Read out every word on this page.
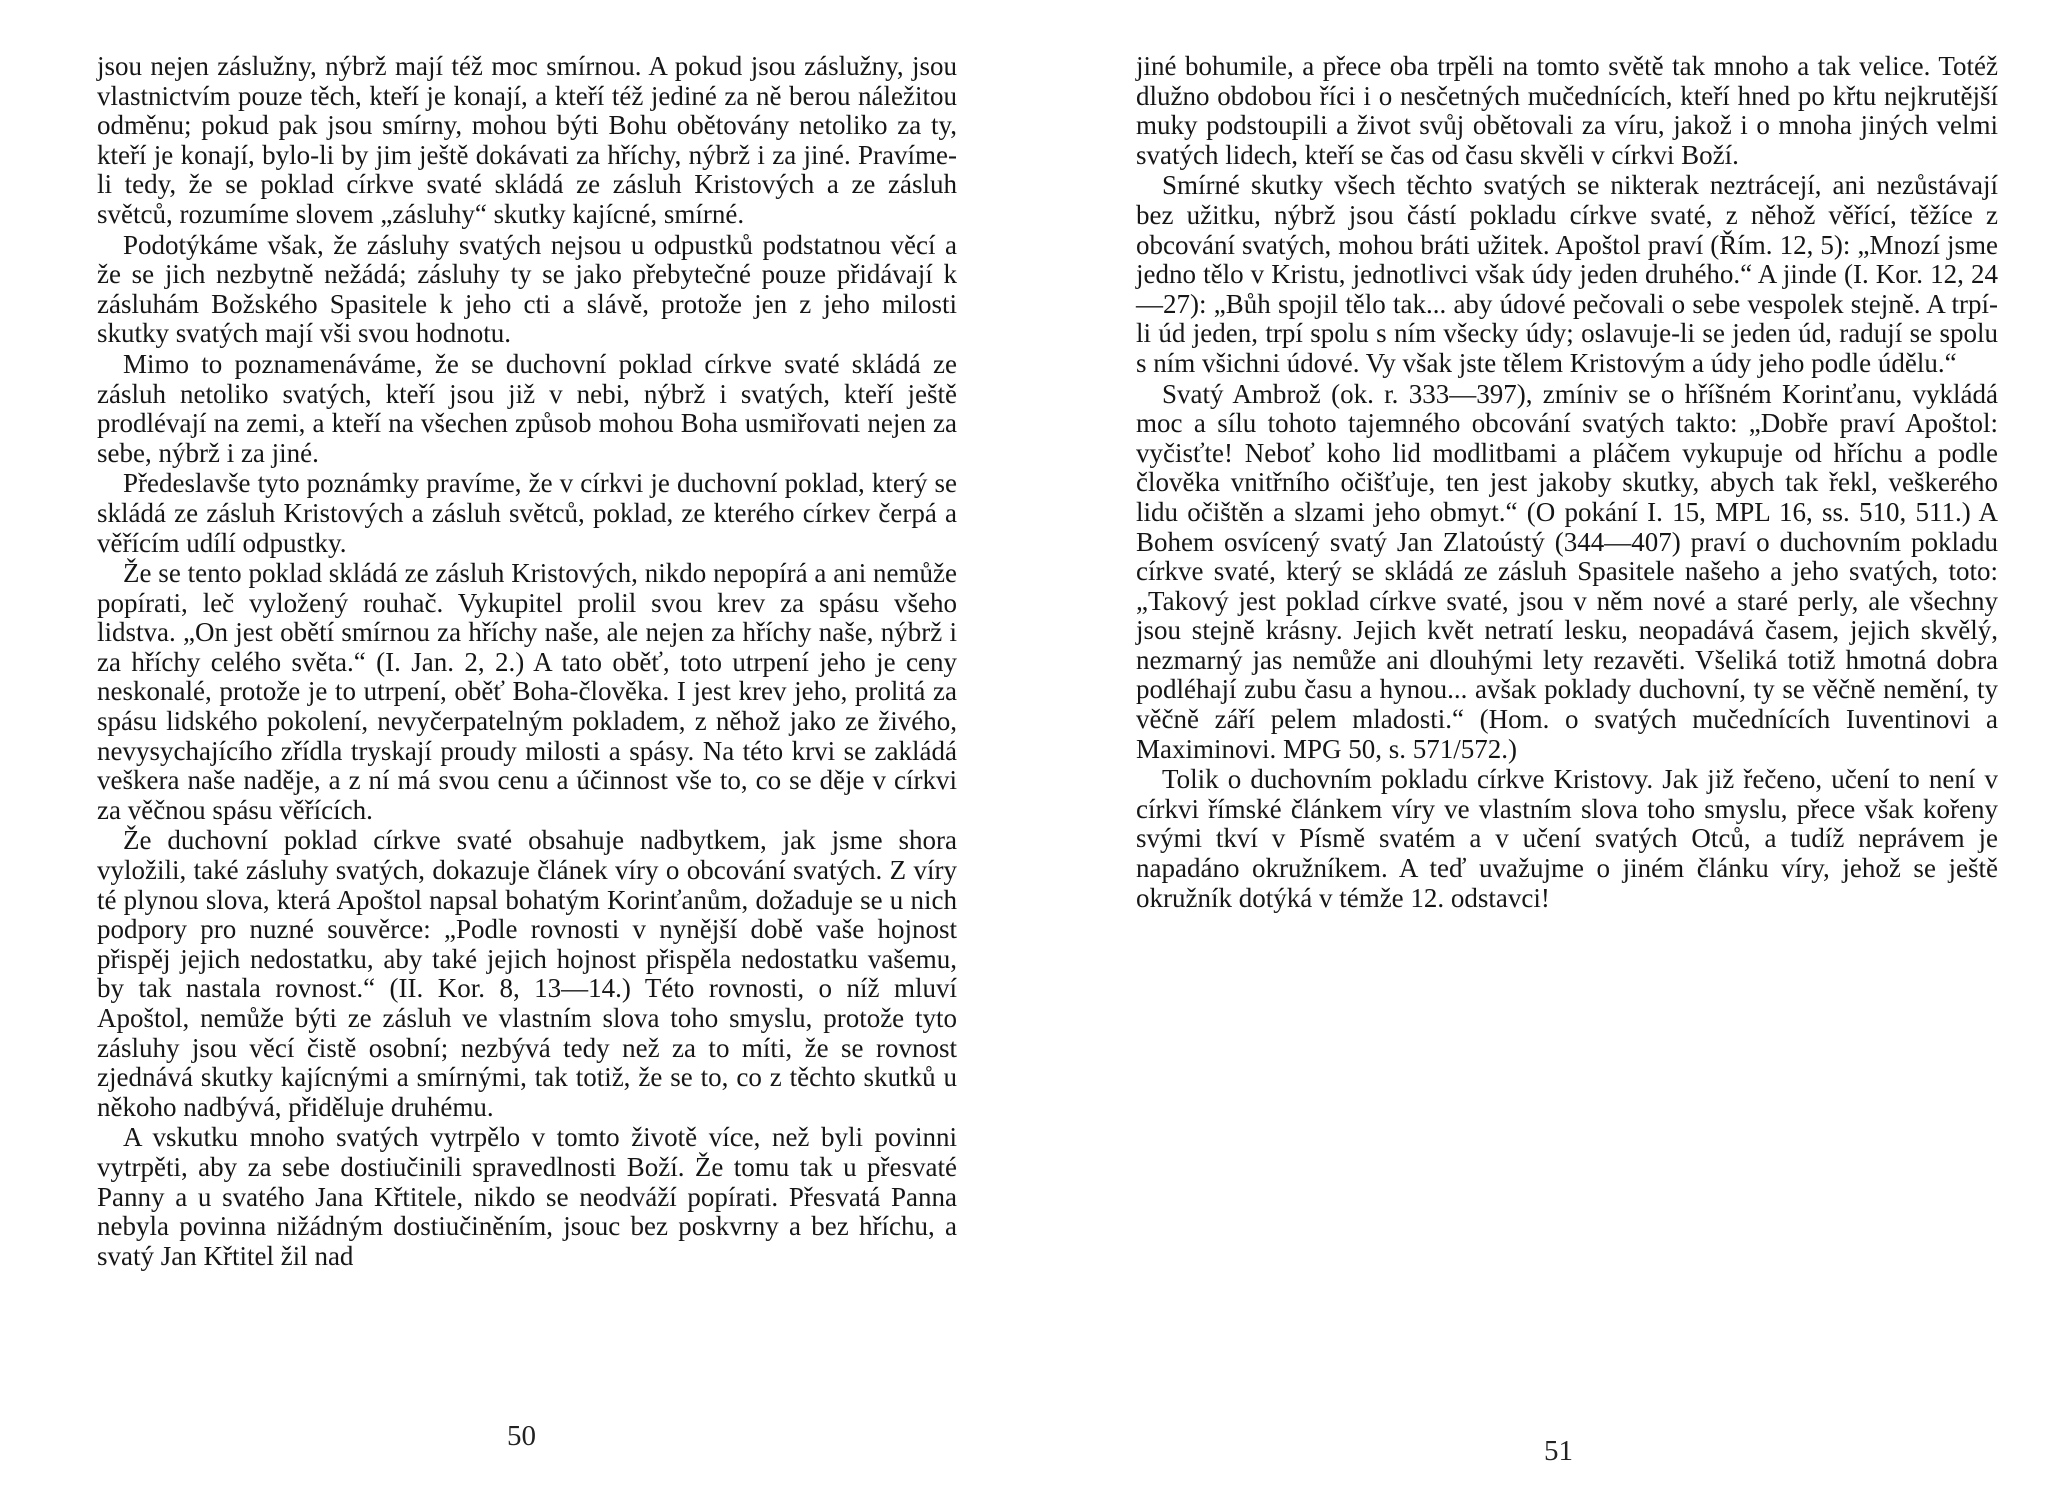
jsou nejen záslužny, nýbrž mají též moc smírnou. A pokud jsou záslužny, jsou vlastnictvím pouze těch, kteří je konají, a kteří též jediné za ně berou náležitou odměnu; pokud pak jsou smírny, mohou býti Bohu obětovány netoliko za ty, kteří je konají, bylo-li by jim ještě dokávati za hříchy, nýbrž i za jiné. Pravíme-li tedy, že se poklad církve svaté skládá ze zásluh Kristových a ze zásluh světců, rozumíme slovem „zásluhy“ skutky kajícné, smírné.

Podotýkáme však, že zásluhy svatých nejsou u odpustků podstatnou věcí a že se jich nezbytně nežádá; zásluhy ty se jako přebytečné pouze přidávají k zásluhám Božského Spasitele k jeho cti a slávě, protože jen z jeho milosti skutky svatých mají vši svou hodnotu.

Mimo to poznamenáváme, že se duchovní poklad církve svaté skládá ze zásluh netoliko svatých, kteří jsou již v nebi, nýbrž i svatých, kteří ještě prodlévají na zemi, a kteří na všechen způsob mohou Boha usmiřovati nejen za sebe, nýbrž i za jiné.

Předeslavše tyto poznámky pravíme, že v církvi je duchovní poklad, který se skládá ze zásluh Kristových a zásluh světců, poklad, ze kterého církev čerpá a věřícím udílí odpustky.

Že se tento poklad skládá ze zásluh Kristových, nikdo nepopírá a ani nemůže popírati, leč vyložený rouhač. Vykupitel prolil svou krev za spásu všeho lidstva. „On jest obětí smírnou za hříchy naše, ale nejen za hříchy naše, nýbrž i za hříchy celého světa.“ (I. Jan. 2, 2.) A tato oběť, toto utrpení jeho je ceny neskonalé, protože je to utrpení, oběť Boha-člověka. I jest krev jeho, prolitá za spásu lidského pokolení, nevyčerpatelným pokladem, z něhož jako ze živého, nevysychajícího zřídla tryskají proudy milosti a spásy. Na této krvi se zakládá veškera naše naděje, a z ní má svou cenu a účinnost vše to, co se děje v církvi za věčnou spásu věřících.

Že duchovní poklad církve svaté obsahuje nadbytkem, jak jsme shora vyložili, také zásluhy svatých, dokazuje článek víry o obcování svatých. Z víry té plynou slova, která Apoštol napsal bohatým Korinťanům, dožaduje se u nich podpory pro nuzné souvěrce: „Podle rovnosti v nynější době vaše hojnost přispěj jejich nedostatku, aby také jejich hojnost přispěla nedostatku vašemu, by tak nastala rovnost.“ (II. Kor. 8, 13—14.) Této rovnosti, o níž mluví Apoštol, nemůže býti ze zásluh ve vlastním slova toho smyslu, protože tyto zásluhy jsou věcí čistě osobní; nezbývá tedy než za to míti, že se rovnost zjednává skutky kajícnými a smírnými, tak totiž, že se to, co z těchto skutků u někoho nadbývá, přiděluje druhému.

A vskutku mnoho svatých vytrpělo v tomto životě více, než byli povinni vytrpěti, aby za sebe dostiučinili spravedlnosti Boží. Že tomu tak u přesvaté Panny a u svatého Jana Křtitele, nikdo se neodváží popírati. Přesvatá Panna nebyla povinna nižádným dostiučiněním, jsouc bez poskvrny a bez hříchu, a svatý Jan Křtitel žil nad

50

jiné bohumile, a přece oba trpěli na tomto světě tak mnoho a tak velice. Totéž dlužno obdobou říci i o nesčetných mučednících, kteří hned po křtu nejkrutější muky podstoupili a život svůj obětovali za víru, jakož i o mnoha jiných velmi svatých lidech, kteří se čas od času skvěli v církvi Boží.

Smírné skutky všech těchto svatých se nikterak neztrácejí, ani nezůstávají bez užitku, nýbrž jsou částí pokladu církve svaté, z něhož věřící, těžíce z obcování svatých, mohou bráti užitek. Apoštol praví (Řím. 12, 5): „Mnozí jsme jedno tělo v Kristu, jednotlivci však údy jeden druhého.“ A jinde (I. Kor. 12, 24—27): „Bůh spojil tělo tak... aby údové pečovali o sebe vespolek stejně. A trpí-li úd jeden, trpí spolu s ním všecky údy; oslavuje-li se jeden úd, radují se spolu s ním všichni údové. Vy však jste tělem Kristovým a údy jeho podle údělu.“

Svatý Ambrož (ok. r. 333—397), zmíniv se o hříšném Korinťanu, vykládá moc a sílu tohoto tajemného obcování svatých takto: „Dobře praví Apoštol: vyčisťte! Neboť koho lid modlitbami a pláčem vykupuje od hříchu a podle člověka vnitřního očišťuje, ten jest jakoby skutky, abych tak řekl, veškerého lidu očištěn a slzami jeho obmyt.“ (O pokání I. 15, MPL 16, ss. 510, 511.) A Bohem osvícený svatý Jan Zlatoústý (344—407) praví o duchovním pokladu církve svaté, který se skládá ze zásluh Spasitele našeho a jeho svatých, toto: „Takový jest poklad církve svaté, jsou v něm nové a staré perly, ale všechny jsou stejně krásny. Jejich květ netratí lesku, neopadává časem, jejich skvělý, nezmarný jas nemůže ani dlouhými lety rezavěti. Všeliká totiž hmotná dobra podléhají zubu času a hynou... avšak poklady duchovní, ty se věčně nemění, ty věčně září pelem mladosti.“ (Hom. o svatých mučednících Iuventinovi a Maximinovi. MPG 50, s. 571/572.)

Tolik o duchovním pokladu církve Kristovy. Jak již řečeno, učení to není v církvi římské článkem víry ve vlastním slova toho smyslu, přece však kořeny svými tkví v Písmě svatém a v učení svatých Otců, a tudíž neprávem je napadáno okružníkem. A teď uvažujme o jiném článku víry, jehož se ještě okružník dotýká v témže 12. odstavci!

51
